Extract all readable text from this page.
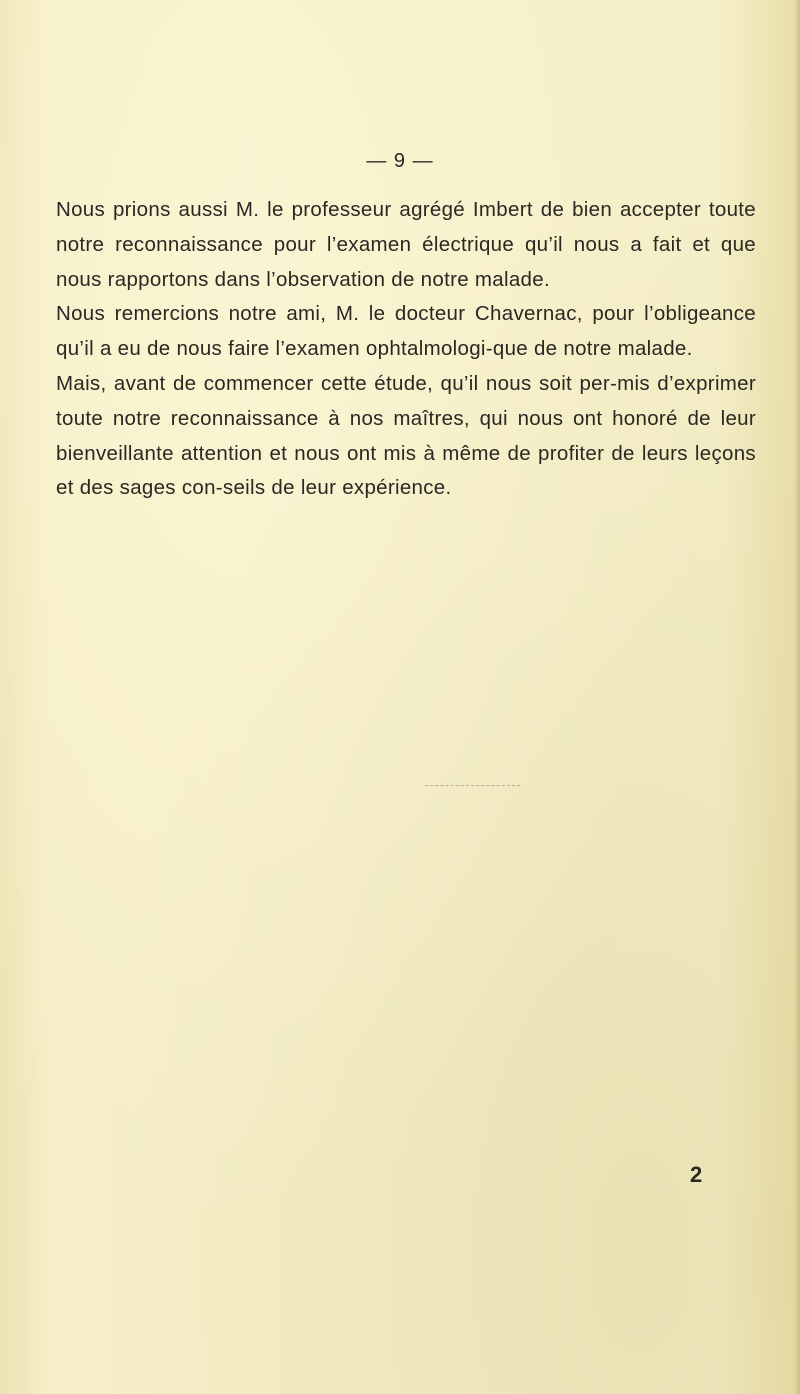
— 9 —

Nous prions aussi M. le professeur agrégé Imbert de bien accepter toute notre reconnaissance pour l’examen électrique qu’il nous a fait et que nous rapportons dans l’observation de notre malade.

Nous remercions notre ami, M. le docteur Chavernac, pour l’obligeance qu’il a eu de nous faire l’examen ophtalmologi-que de notre malade.

Mais, avant de commencer cette étude, qu’il nous soit per-mis d’exprimer toute notre reconnaissance à nos maîtres, qui nous ont honoré de leur bienveillante attention et nous ont mis à même de profiter de leurs leçons et des sages con-seils de leur expérience.

2
